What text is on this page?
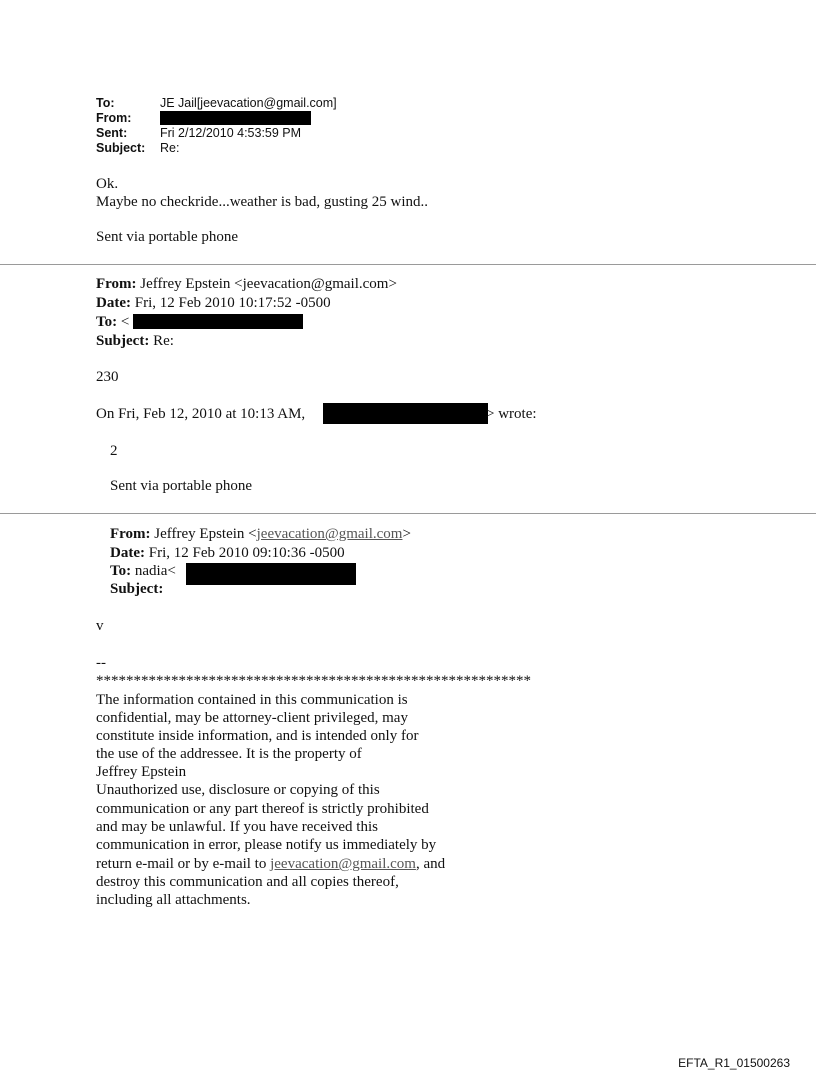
To:	JE Jail[jeevacation@gmail.com]
From:
Sent:	Fri 2/12/2010 4:53:59 PM
Subject:	Re:
Ok.
Maybe no checkride...weather is bad, gusting 25 wind..
Sent via portable phone
From: Jeffrey Epstein <jeevacation@gmail.com>
Date: Fri, 12 Feb 2010 10:17:52 -0500
To: <
Subject: Re:
230
On Fri, Feb 12, 2010 at 10:13 AM,	> wrote:
2
Sent via portable phone
From: Jeffrey Epstein <jeevacation@gmail.com>
Date: Fri, 12 Feb 2010 09:10:36 -0500
To: nadia<
Subject:
v
--
**********************************************************
The information contained in this communication is
confidential, may be attorney-client privileged, may
constitute inside information, and is intended only for
the use of the addressee. It is the property of
Jeffrey Epstein
Unauthorized use, disclosure or copying of this
communication or any part thereof is strictly prohibited
and may be unlawful. If you have received this
communication in error, please notify us immediately by
return e-mail or by e-mail to jeevacation@gmail.com, and
destroy this communication and all copies thereof,
including all attachments.
EFTA_R1_01500263
